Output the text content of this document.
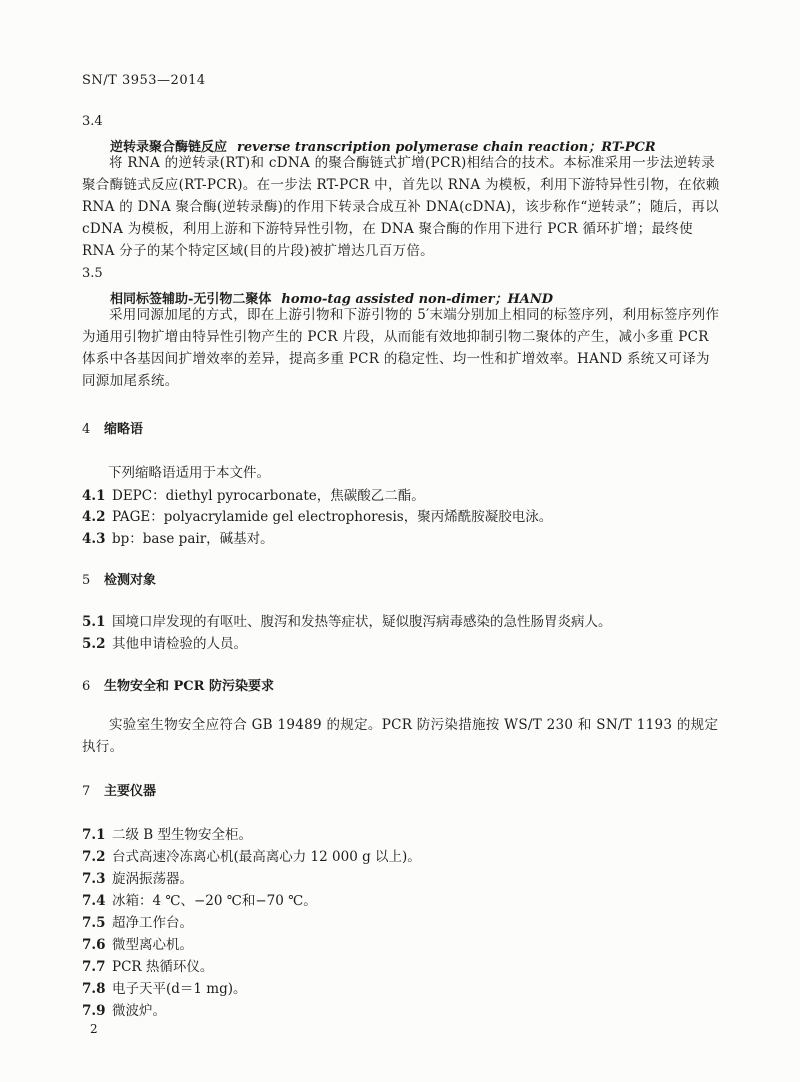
SN/T 3953—2014
3.4
逆转录聚合酶链反应 reverse transcription polymerase chain reaction；RT-PCR

将 RNA 的逆转录(RT)和 cDNA 的聚合酶链式扩增(PCR)相结合的技术。本标准采用一步法逆转录聚合酶链式反应(RT-PCR)。在一步法 RT-PCR 中，首先以 RNA 为模板，利用下游特异性引物，在依赖 RNA 的 DNA 聚合酶(逆转录酶)的作用下转录合成互补 DNA(cDNA)，该步称作“逆转录”；随后，再以 cDNA 为模板，利用上游和下游特异性引物，在 DNA 聚合酶的作用下进行 PCR 循环扩增；最终使 RNA 分子的某个特定区域(目的片段)被扩增达几百万倍。

3.5
相同标签辅助-无引物二聚体 homo-tag assisted non-dimer；HAND

采用同源加尾的方式，即在上游引物和下游引物的 5′末端分别加上相同的标签序列，利用标签序列作为通用引物扩增由特异性引物产生的 PCR 片段，从而能有效地抑制引物二聚体的产生，减小多重 PCR 体系中各基因间扩增效率的差异，提高多重 PCR 的稳定性、均一性和扩增效率。HAND 系统又可译为同源加尾系统。

4 缩略语
下列缩略语适用于本文件。
4.1 DEPC：diethyl pyrocarbonate，焦碳酸乙二酯。
4.2 PAGE：polyacrylamide gel electrophoresis，聚丙烯酰胺凝胶电泳。
4.3 bp：base pair，碱基对。
5 检测对象
5.1 国境口岸发现的有呕吐、腹泻和发热等症状，疑似腹泻病毒感染的急性肠胃炎病人。
5.2 其他申请检验的人员。
6 生物安全和 PCR 防污染要求

实验室生物安全应符合 GB 19489 的规定。PCR 防污染措施按 WS/T 230 和 SN/T 1193 的规定执行。

7 主要仪器
7.1 二级 B 型生物安全柜。
7.2 台式高速冷冻离心机(最高离心力 12 000 g 以上)。
7.3 旋涡振荡器。
7.4 冰箱：4 ℃、−20 ℃和−70 ℃。
7.5 超净工作台。
7.6 微型离心机。
7.7 PCR 热循环仪。
7.8 电子天平(d＝1 mg)。
7.9 微波炉。
2
